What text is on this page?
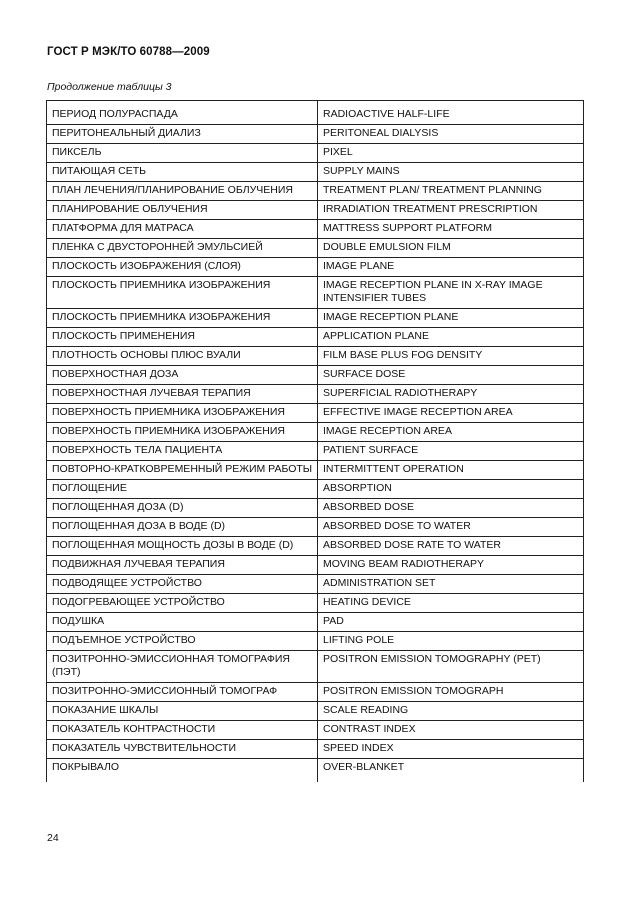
ГОСТ Р МЭК/ТО 60788—2009
Продолжение таблицы 3
ПЕРИОД ПОЛУРАСПАДА	RADIOACTIVE HALF-LIFE
ПЕРИТОНЕАЛЬНЫЙ ДИАЛИЗ	PERITONEAL DIALYSIS
ПИКСЕЛЬ	PIXEL
ПИТАЮЩАЯ СЕТЬ	SUPPLY MAINS
ПЛАН ЛЕЧЕНИЯ/ПЛАНИРОВАНИЕ ОБЛУЧЕНИЯ	TREATMENT PLAN/ TREATMENT PLANNING
ПЛАНИРОВАНИЕ ОБЛУЧЕНИЯ	IRRADIATION TREATMENT PRESCRIPTION
ПЛАТФОРМА ДЛЯ МАТРАСА	MATTRESS SUPPORT PLATFORM
ПЛЕНКА С ДВУСТОРОННЕЙ ЭМУЛЬСИЕЙ	DOUBLE EMULSION FILM
ПЛОСКОСТЬ ИЗОБРАЖЕНИЯ (СЛОЯ)	IMAGE PLANE
ПЛОСКОСТЬ ПРИЕМНИКА ИЗОБРАЖЕНИЯ	IMAGE RECEPTION PLANE IN X-RAY IMAGE INTENSIFIER TUBES
ПЛОСКОСТЬ ПРИЕМНИКА ИЗОБРАЖЕНИЯ	IMAGE RECEPTION PLANE
ПЛОСКОСТЬ ПРИМЕНЕНИЯ	APPLICATION PLANE
ПЛОТНОСТЬ ОСНОВЫ ПЛЮС ВУАЛИ	FILM BASE PLUS FOG DENSITY
ПОВЕРХНОСТНАЯ ДОЗА	SURFACE DOSE
ПОВЕРХНОСТНАЯ ЛУЧЕВАЯ ТЕРАПИЯ	SUPERFICIAL RADIOTHERAPY
ПОВЕРХНОСТЬ ПРИЕМНИКА ИЗОБРАЖЕНИЯ	EFFECTIVE IMAGE RECEPTION AREA
ПОВЕРХНОСТЬ ПРИЕМНИКА ИЗОБРАЖЕНИЯ	IMAGE RECEPTION AREA
ПОВЕРХНОСТЬ ТЕЛА ПАЦИЕНТА	PATIENT SURFACE
ПОВТОРНО-КРАТКОВРЕМЕННЫЙ РЕЖИМ РАБОТЫ	INTERMITTENT OPERATION
ПОГЛОЩЕНИЕ	ABSORPTION
ПОГЛОЩЕННАЯ ДОЗА (D)	ABSORBED DOSE
ПОГЛОЩЕННАЯ ДОЗА В ВОДЕ (D)	ABSORBED DOSE TO WATER
ПОГЛОЩЕННАЯ МОЩНОСТЬ ДОЗЫ В ВОДЕ (D)	ABSORBED DOSE RATE TO WATER
ПОДВИЖНАЯ ЛУЧЕВАЯ ТЕРАПИЯ	MOVING BEAM RADIOTHERAPY
ПОДВОДЯЩЕЕ УСТРОЙСТВО	ADMINISTRATION SET
ПОДОГРЕВАЮЩЕЕ УСТРОЙСТВО	HEATING DEVICE
ПОДУШКА	PAD
ПОДЪЕМНОЕ УСТРОЙСТВО	LIFTING POLE
ПОЗИТРОННО-ЭМИССИОННАЯ ТОМОГРАФИЯ (ПЭТ)	POSITRON EMISSION TOMOGRAPHY (PET)
ПОЗИТРОННО-ЭМИССИОННЫЙ ТОМОГРАФ	POSITRON EMISSION TOMOGRAPH
ПОКАЗАНИЕ ШКАЛЫ	SCALE READING
ПОКАЗАТЕЛЬ КОНТРАСТНОСТИ	CONTRAST INDEX
ПОКАЗАТЕЛЬ ЧУВСТВИТЕЛЬНОСТИ	SPEED INDEX
ПОКРЫВАЛО	OVER-BLANKET
24
